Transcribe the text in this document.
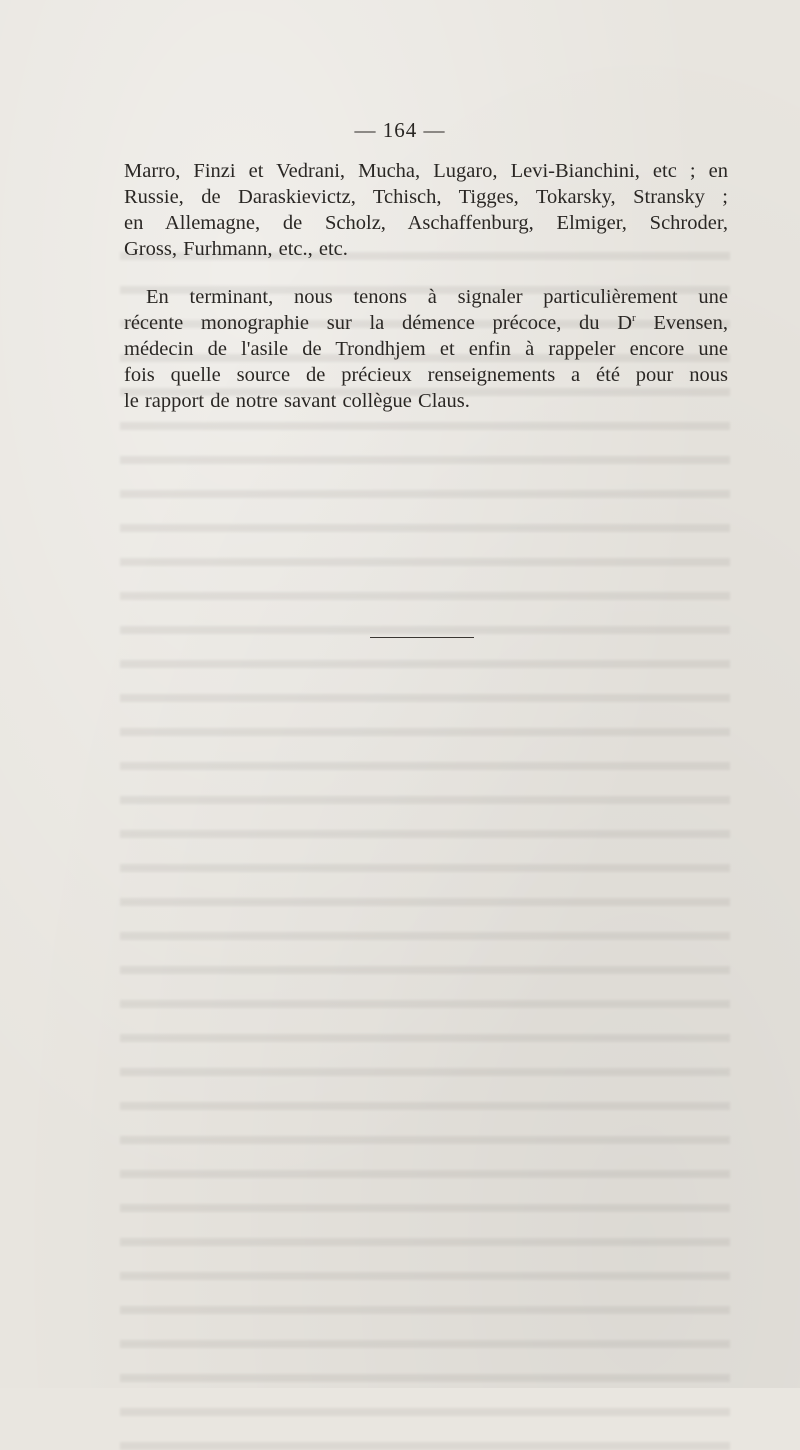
— 164 —

Marro, Finzi et Vedrani, Mucha, Lugaro, Levi-Bianchini, etc ; en
Russie, de Daraskievictz, Tchisch, Tigges, Tokarsky, Stransky ;
en Allemagne, de Scholz, Aschaffenburg, Elmiger, Schroder,
Gross, Furhmann, etc., etc.

En terminant, nous tenons à signaler particulièrement une
récente monographie sur la démence précoce, du $D^r$ Evensen,
médecin de l'asile de Trondhjem et enfin à rappeler encore une
fois quelle source de précieux renseignements a été pour nous
le rapport de notre savant collègue Claus.
